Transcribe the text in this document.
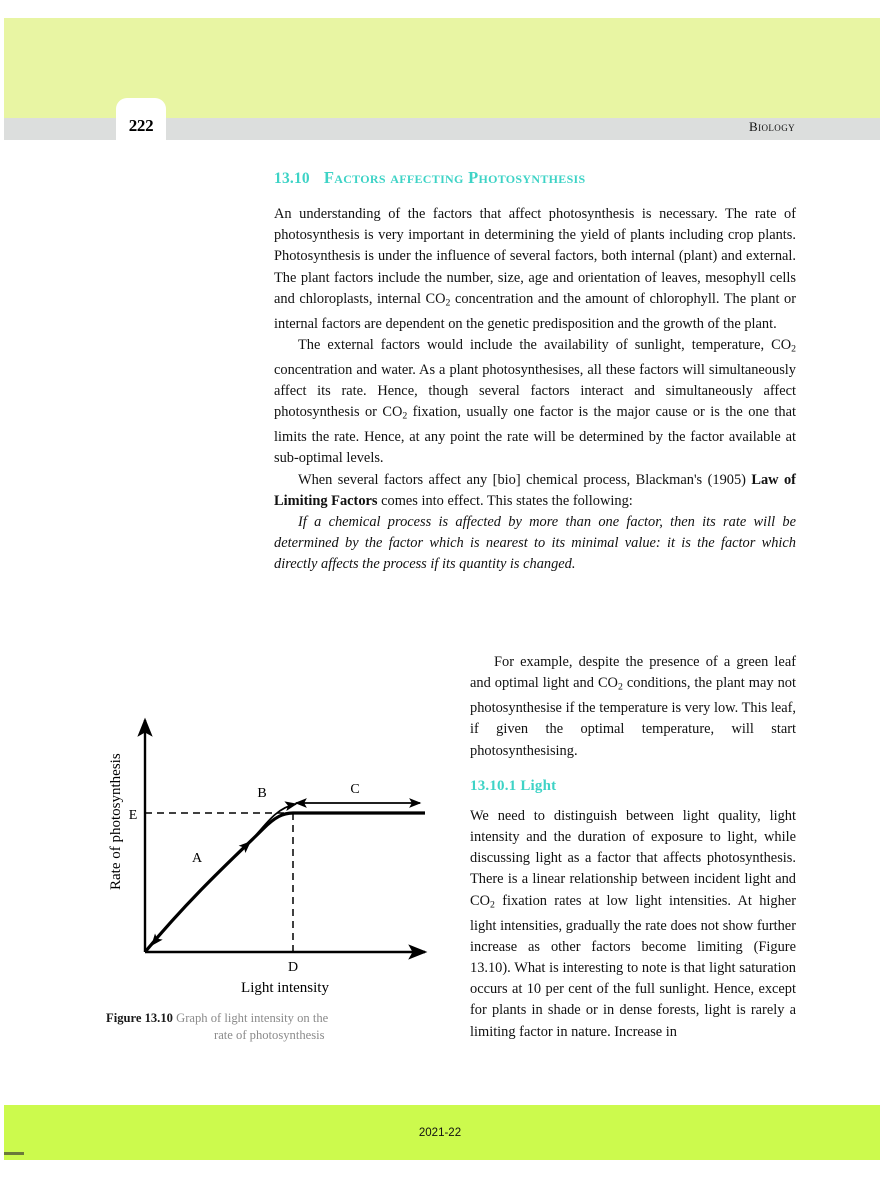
222	Biology
13.10 Factors affecting Photosynthesis

An understanding of the factors that affect photosynthesis is necessary. The rate of photosynthesis is very important in determining the yield of plants including crop plants. Photosynthesis is under the influence of several factors, both internal (plant) and external. The plant factors include the number, size, age and orientation of leaves, mesophyll cells and chloroplasts, internal $CO_2$ concentration and the amount of chlorophyll. The plant or internal factors are dependent on the genetic predisposition and the growth of the plant.

The external factors would include the availability of sunlight, temperature, $CO_2$ concentration and water. As a plant photosynthesises, all these factors will simultaneously affect its rate. Hence, though several factors interact and simultaneously affect photosynthesis or $CO_2$ fixation, usually one factor is the major cause or is the one that limits the rate. Hence, at any point the rate will be determined by the factor available at sub-optimal levels.

When several factors affect any [bio] chemical process, Blackman's (1905) Law of Limiting Factors comes into effect. This states the following:

If a chemical process is affected by more than one factor, then its rate will be determined by the factor which is nearest to its minimal value: it is the factor which directly affects the process if its quantity is changed.

For example, despite the presence of a green leaf and optimal light and $CO_2$ conditions, the plant may not photosynthesise if the temperature is very low. This leaf, if given the optimal temperature, will start photosynthesising.

13.10.1 Light

We need to distinguish between light quality, light intensity and the duration of exposure to light, while discussing light as a factor that affects photosynthesis. There is a linear relationship between incident light and $CO_2$ fixation rates at low light intensities. At higher light intensities, gradually the rate does not show further increase as other factors become limiting (Figure 13.10). What is interesting to note is that light saturation occurs at 10 per cent of the full sunlight. Hence, except for plants in shade or in dense forests, light is rarely a limiting factor in nature. Increase in

Rate of photosynthesis
Light intensity
E
A
B	C
D
Figure 13.10 Graph of light intensity on the
rate of photosynthesis
2021-22
